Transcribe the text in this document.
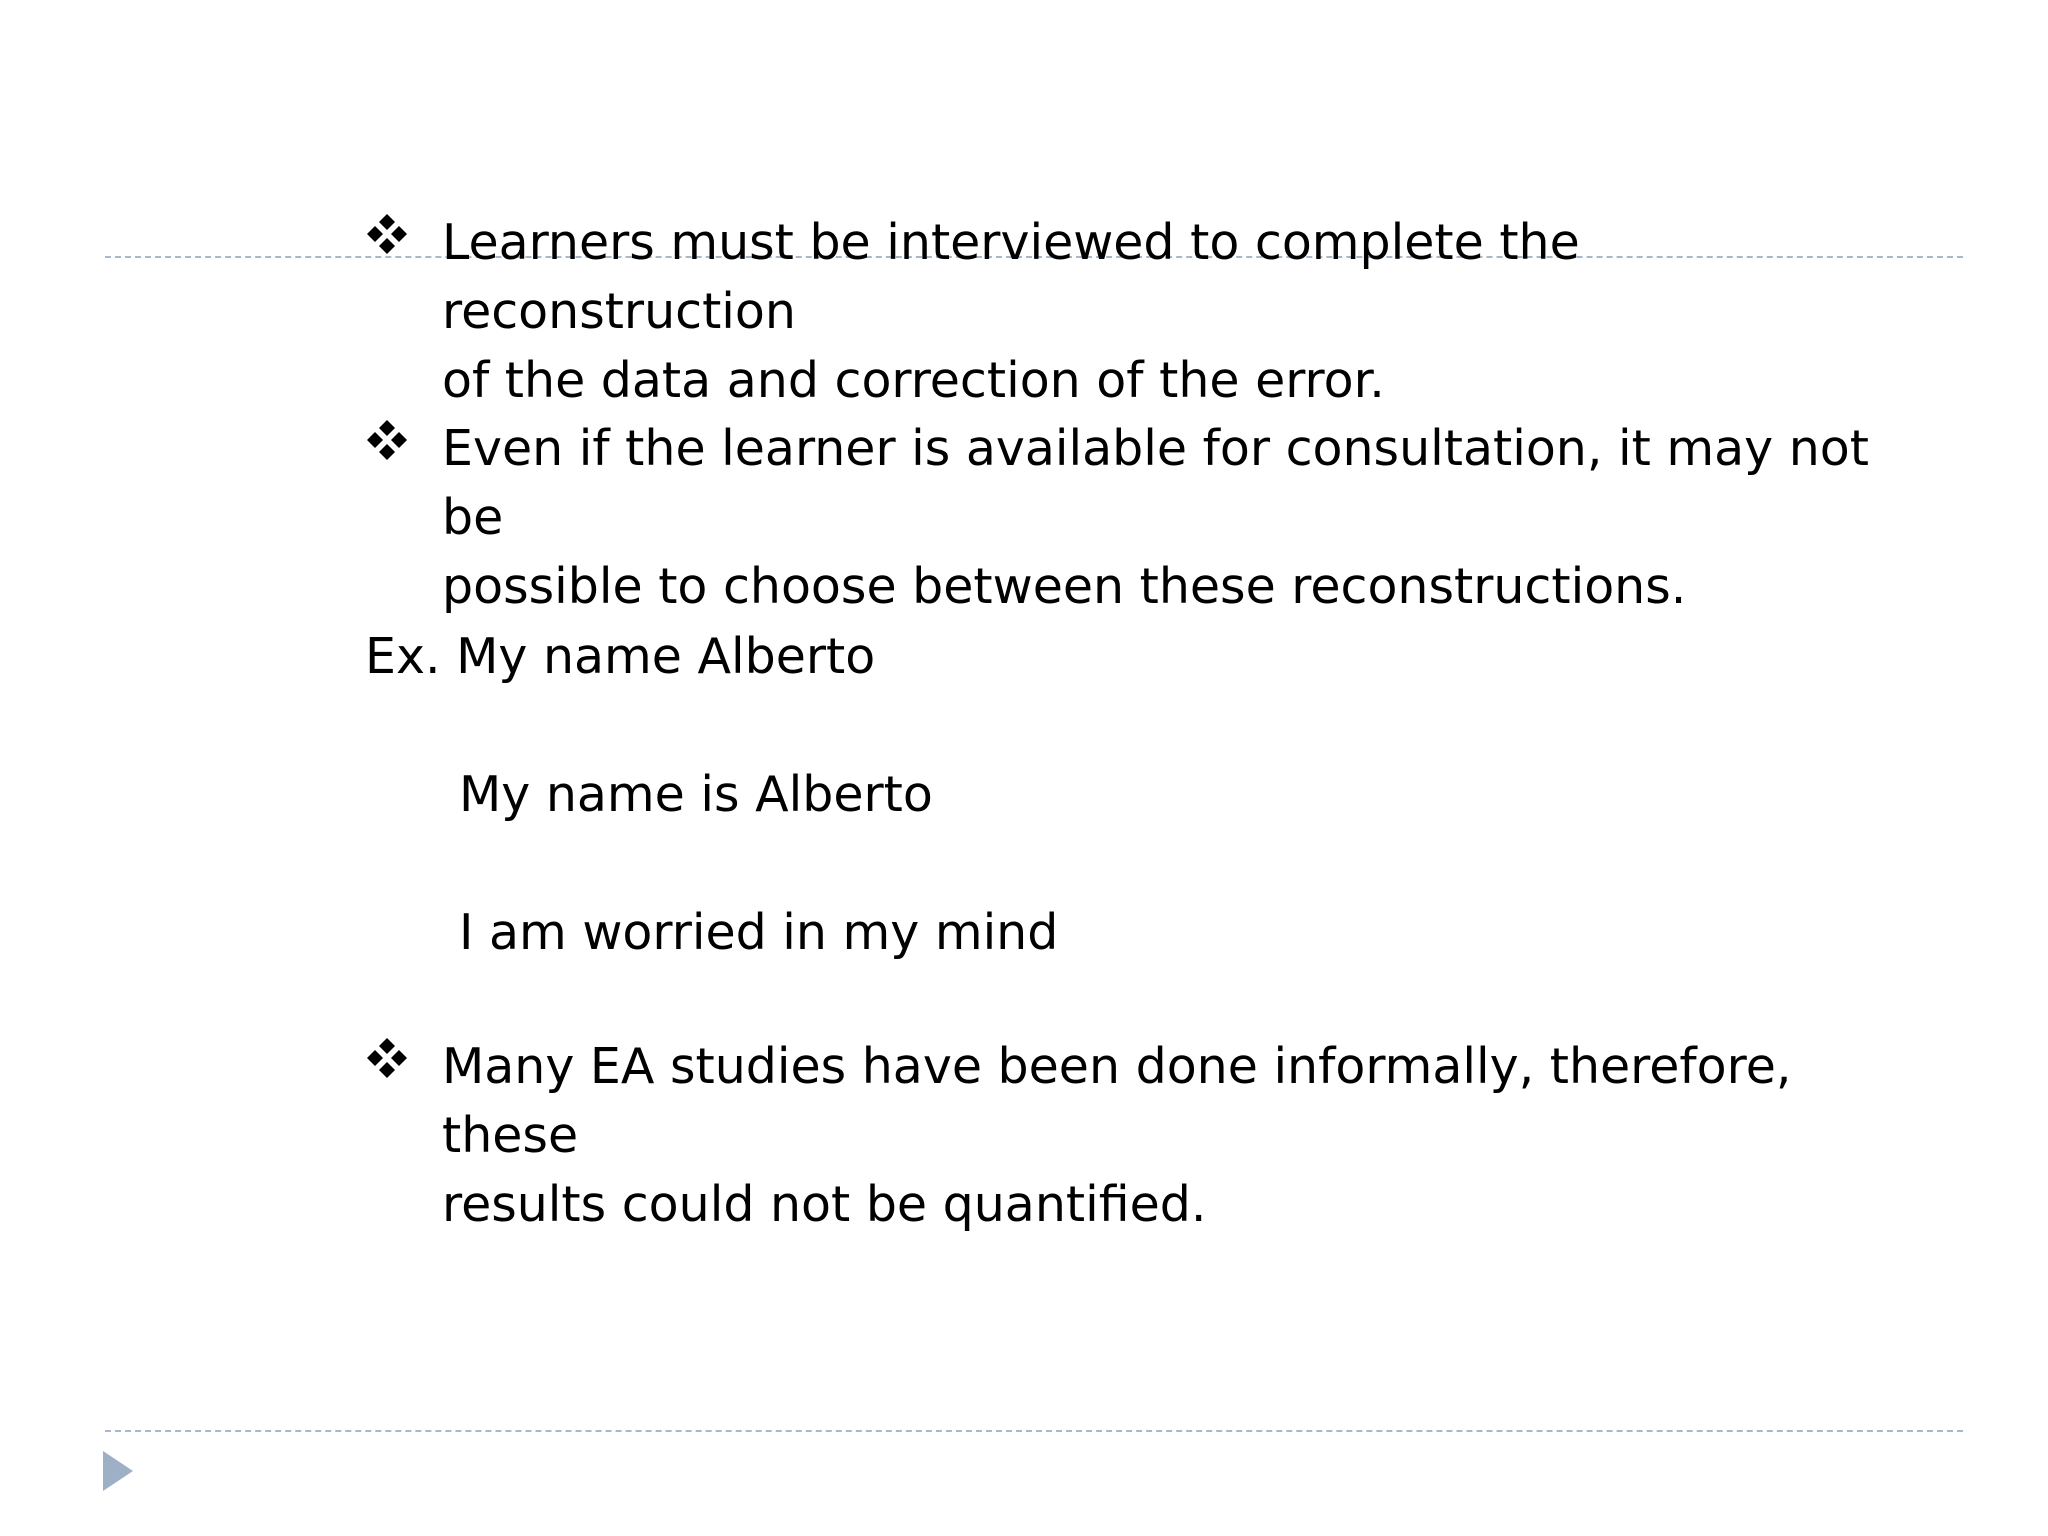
Learners must be interviewed to complete the reconstruction
of the data and correction of the error.
Even if the learner is available for consultation, it may not be
possible to choose between these reconstructions.
Ex. My name Alberto
My name is Alberto
I am worried in my mind
Many EA studies have been done informally, therefore, these
results could not be quantified.
